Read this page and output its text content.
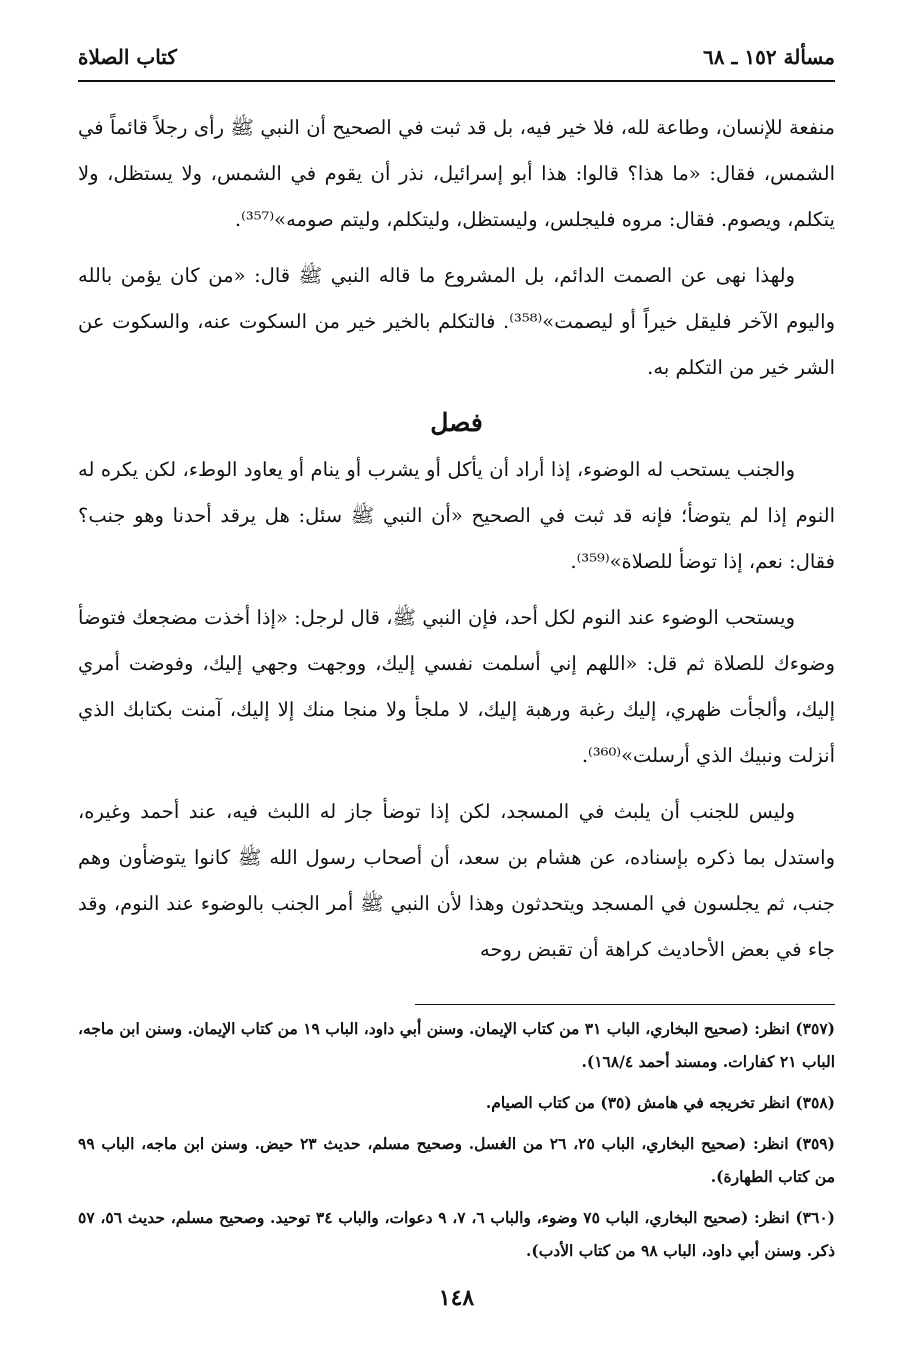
مسألة ١٥٢ ـ ٦٨
كتاب الصلاة

منفعة للإنسان، وطاعة لله، فلا خير فيه، بل قد ثبت في الصحيح أن النبي ﷺ رأى رجلاً قائماً في الشمس، فقال: «ما هذا؟ قالوا: هذا أبو إسرائيل، نذر أن يقوم في الشمس، ولا يستظل، ولا يتكلم، ويصوم. فقال: مروه فليجلس، وليستظل، وليتكلم، وليتم صومه»⁽³⁵⁷⁾.

ولهذا نهى عن الصمت الدائم، بل المشروع ما قاله النبي ﷺ قال: «من كان يؤمن بالله واليوم الآخر فليقل خيراً أو ليصمت»⁽³⁵⁸⁾. فالتكلم بالخير خير من السكوت عنه، والسكوت عن الشر خير من التكلم به.

فصل

والجنب يستحب له الوضوء، إذا أراد أن يأكل أو يشرب أو ينام أو يعاود الوطء، لكن يكره له النوم إذا لم يتوضأ؛ فإنه قد ثبت في الصحيح «أن النبي ﷺ سئل: هل يرقد أحدنا وهو جنب؟ فقال: نعم، إذا توضأ للصلاة»⁽³⁵⁹⁾.

ويستحب الوضوء عند النوم لكل أحد، فإن النبي ﷺ، قال لرجل: «إذا أخذت مضجعك فتوضأ وضوءك للصلاة ثم قل: «اللهم إني أسلمت نفسي إليك، ووجهت وجهي إليك، وفوضت أمري إليك، وألجأت ظهري، إليك رغبة ورهبة إليك، لا ملجأ ولا منجا منك إلا إليك، آمنت بكتابك الذي أنزلت ونبيك الذي أرسلت»⁽³⁶⁰⁾.

وليس للجنب أن يلبث في المسجد، لكن إذا توضأ جاز له اللبث فيه، عند أحمد وغيره، واستدل بما ذكره بإسناده، عن هشام بن سعد، أن أصحاب رسول الله ﷺ كانوا يتوضأون وهم جنب، ثم يجلسون في المسجد ويتحدثون وهذا لأن النبي ﷺ أمر الجنب بالوضوء عند النوم، وقد جاء في بعض الأحاديث كراهة أن تقبض روحه

(٣٥٧) انظر: (صحيح البخاري، الباب ٣١ من كتاب الإيمان. وسنن أبي داود، الباب ١٩ من كتاب الإيمان. وسنن ابن ماجه، الباب ٢١ كفارات. ومسند أحمد ١٦٨/٤).
(٣٥٨) انظر تخريجه في هامش (٣٥) من كتاب الصيام.
(٣٥٩) انظر: (صحيح البخاري، الباب ٢٥، ٢٦ من الغسل. وصحيح مسلم، حديث ٢٣ حيض. وسنن ابن ماجه، الباب ٩٩ من كتاب الطهارة).
(٣٦٠) انظر: (صحيح البخاري، الباب ٧٥ وضوء، والباب ٦، ٧، ٩ دعوات، والباب ٣٤ توحيد. وصحيح مسلم، حديث ٥٦، ٥٧ ذكر. وسنن أبي داود، الباب ٩٨ من كتاب الأدب).
١٤٨
